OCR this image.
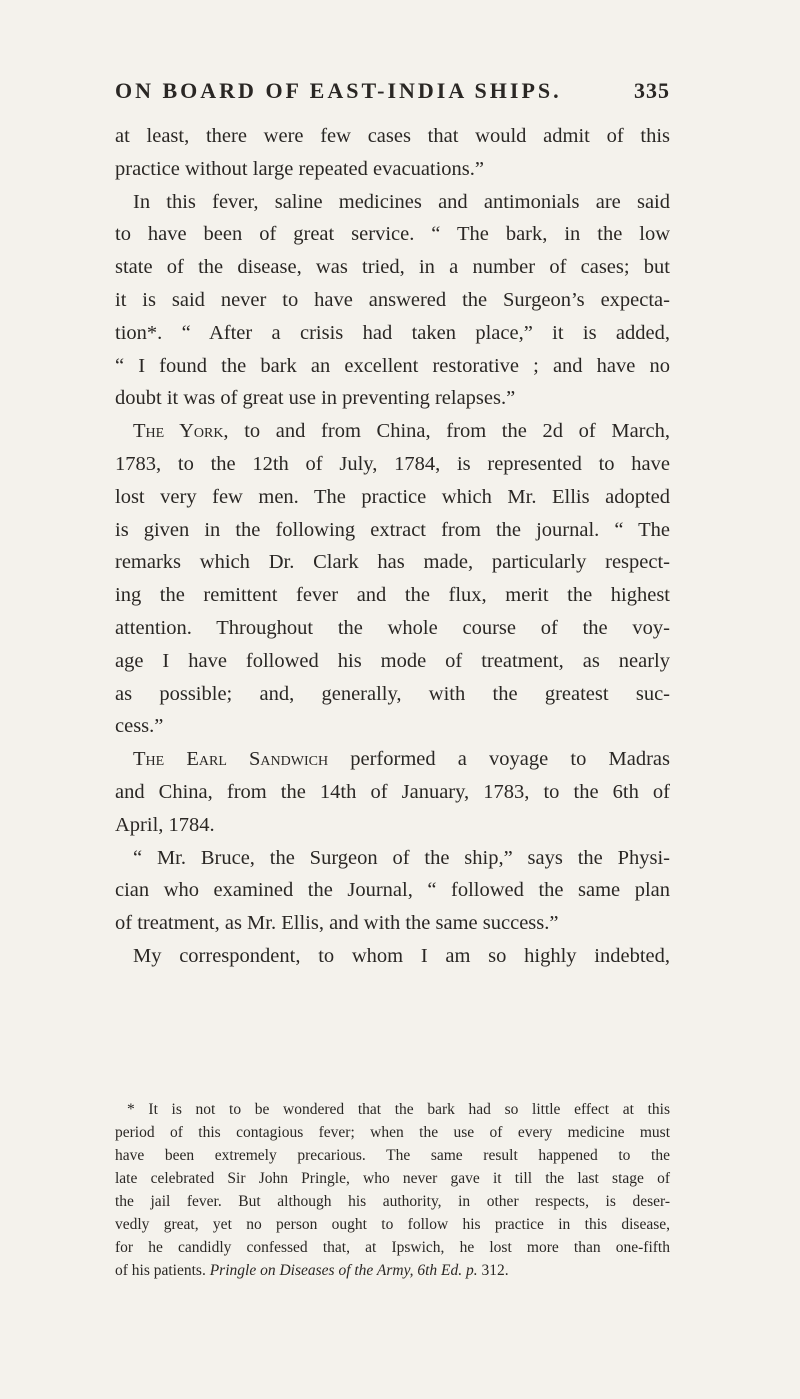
ON BOARD OF EAST-INDIA SHIPS.	335
at least, there were few cases that would admit of this
practice without large repeated evacuations.”
In this fever, saline medicines and antimonials are said
to have been of great service. “ The bark, in the low
state of the disease, was tried, in a number of cases; but
it is said never to have answered the Surgeon’s expecta-
tion*. “ After a crisis had taken place,” it is added,
“ I found the bark an excellent restorative ; and have no
doubt it was of great use in preventing relapses.”
The York, to and from China, from the 2d of March,
1783, to the 12th of July, 1784, is represented to have
lost very few men. The practice which Mr. Ellis adopted
is given in the following extract from the journal. “ The
remarks which Dr. Clark has made, particularly respect-
ing the remittent fever and the flux, merit the highest
attention. Throughout the whole course of the voy-
age I have followed his mode of treatment, as nearly
as possible; and, generally, with the greatest suc-
cess.”
The Earl Sandwich performed a voyage to Madras
and China, from the 14th of January, 1783, to the 6th of
April, 1784.
“ Mr. Bruce, the Surgeon of the ship,” says the Physi-
cian who examined the Journal, “ followed the same plan
of treatment, as Mr. Ellis, and with the same success.”
My correspondent, to whom I am so highly indebted,
* It is not to be wondered that the bark had so little effect at this
period of this contagious fever; when the use of every medicine must
have been extremely precarious. The same result happened to the
late celebrated Sir John Pringle, who never gave it till the last stage of
the jail fever. But although his authority, in other respects, is deser-
vedly great, yet no person ought to follow his practice in this disease,
for he candidly confessed that, at Ipswich, he lost more than one-fifth
of his patients. Pringle on Diseases of the Army, 6th Ed. p. 312.
